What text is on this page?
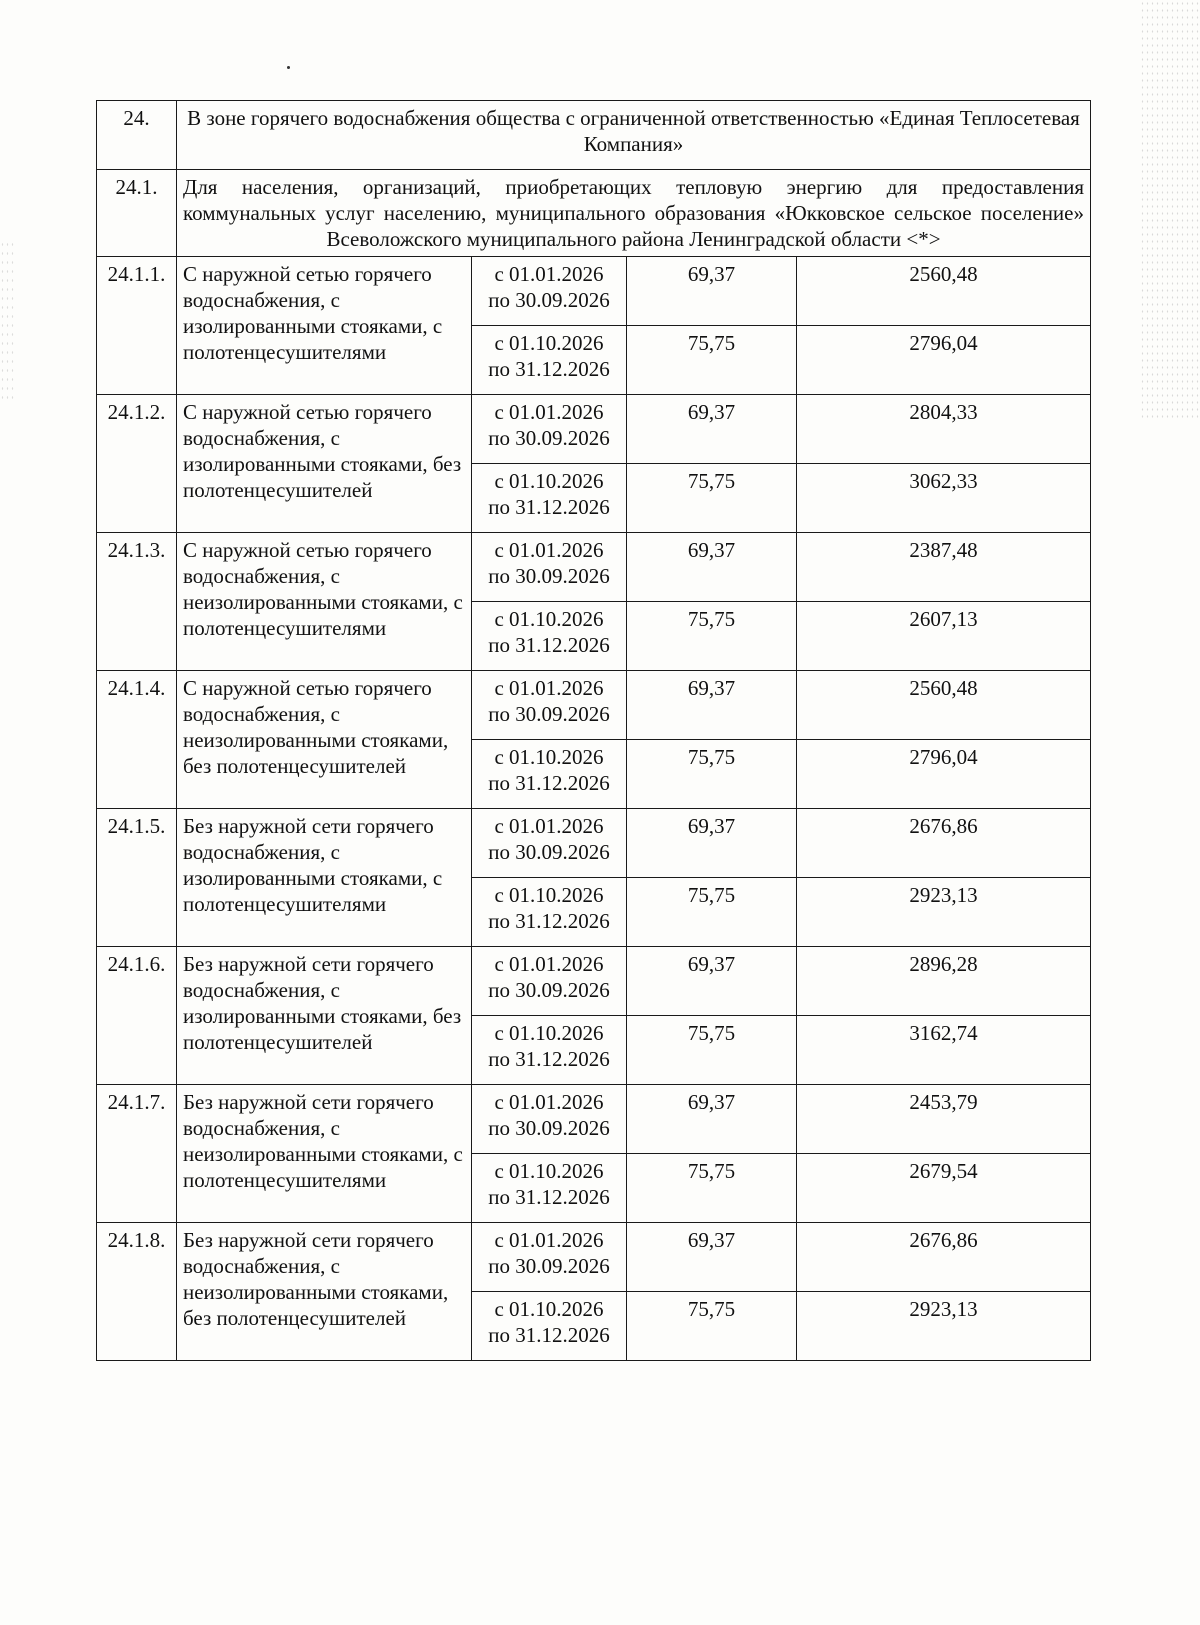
24.	В зоне горячего водоснабжения общества с ограниченной ответственностью «Единая Теплосетевая Компания»			
24.1.	Для населения, организаций, приобретающих тепловую энергию для предоставления коммунальных услуг населению, муниципального образования «Юкковское сельское поселение» Всеволожского муниципального района Ленинградской области <*>			
24.1.1.	С наружной сетью горячего водоснабжения, с изолированными стояками, с полотенцесушителями	с 01.01.2026
по 30.09.2026	69,37	2560,48

		с 01.10.2026
по 31.12.2026	75,75	2796,04
24.1.2.	С наружной сетью горячего водоснабжения, с изолированными стояками, без полотенцесушителей	с 01.01.2026
по 30.09.2026	69,37	2804,33

		с 01.10.2026
по 31.12.2026	75,75	3062,33
24.1.3.	С наружной сетью горячего водоснабжения, с неизолированными стояками, с полотенцесушителями	с 01.01.2026
по 30.09.2026	69,37	2387,48

		с 01.10.2026
по 31.12.2026	75,75	2607,13
24.1.4.	С наружной сетью горячего водоснабжения, с неизолированными стояками, без полотенцесушителей	с 01.01.2026
по 30.09.2026	69,37	2560,48

		с 01.10.2026
по 31.12.2026	75,75	2796,04
24.1.5.	Без наружной сети горячего водоснабжения, с изолированными стояками, с полотенцесушителями	с 01.01.2026
по 30.09.2026	69,37	2676,86

		с 01.10.2026
по 31.12.2026	75,75	2923,13
24.1.6.	Без наружной сети горячего водоснабжения, с изолированными стояками, без полотенцесушителей	с 01.01.2026
по 30.09.2026	69,37	2896,28

		с 01.10.2026
по 31.12.2026	75,75	3162,74
24.1.7.	Без наружной сети горячего водоснабжения, с неизолированными стояками, с полотенцесушителями	с 01.01.2026
по 30.09.2026	69,37	2453,79

		с 01.10.2026
по 31.12.2026	75,75	2679,54
24.1.8.	Без наружной сети горячего водоснабжения, с неизолированными стояками, без полотенцесушителей	с 01.01.2026
по 30.09.2026	69,37	2676,86

		с 01.10.2026
по 31.12.2026	75,75	2923,13
